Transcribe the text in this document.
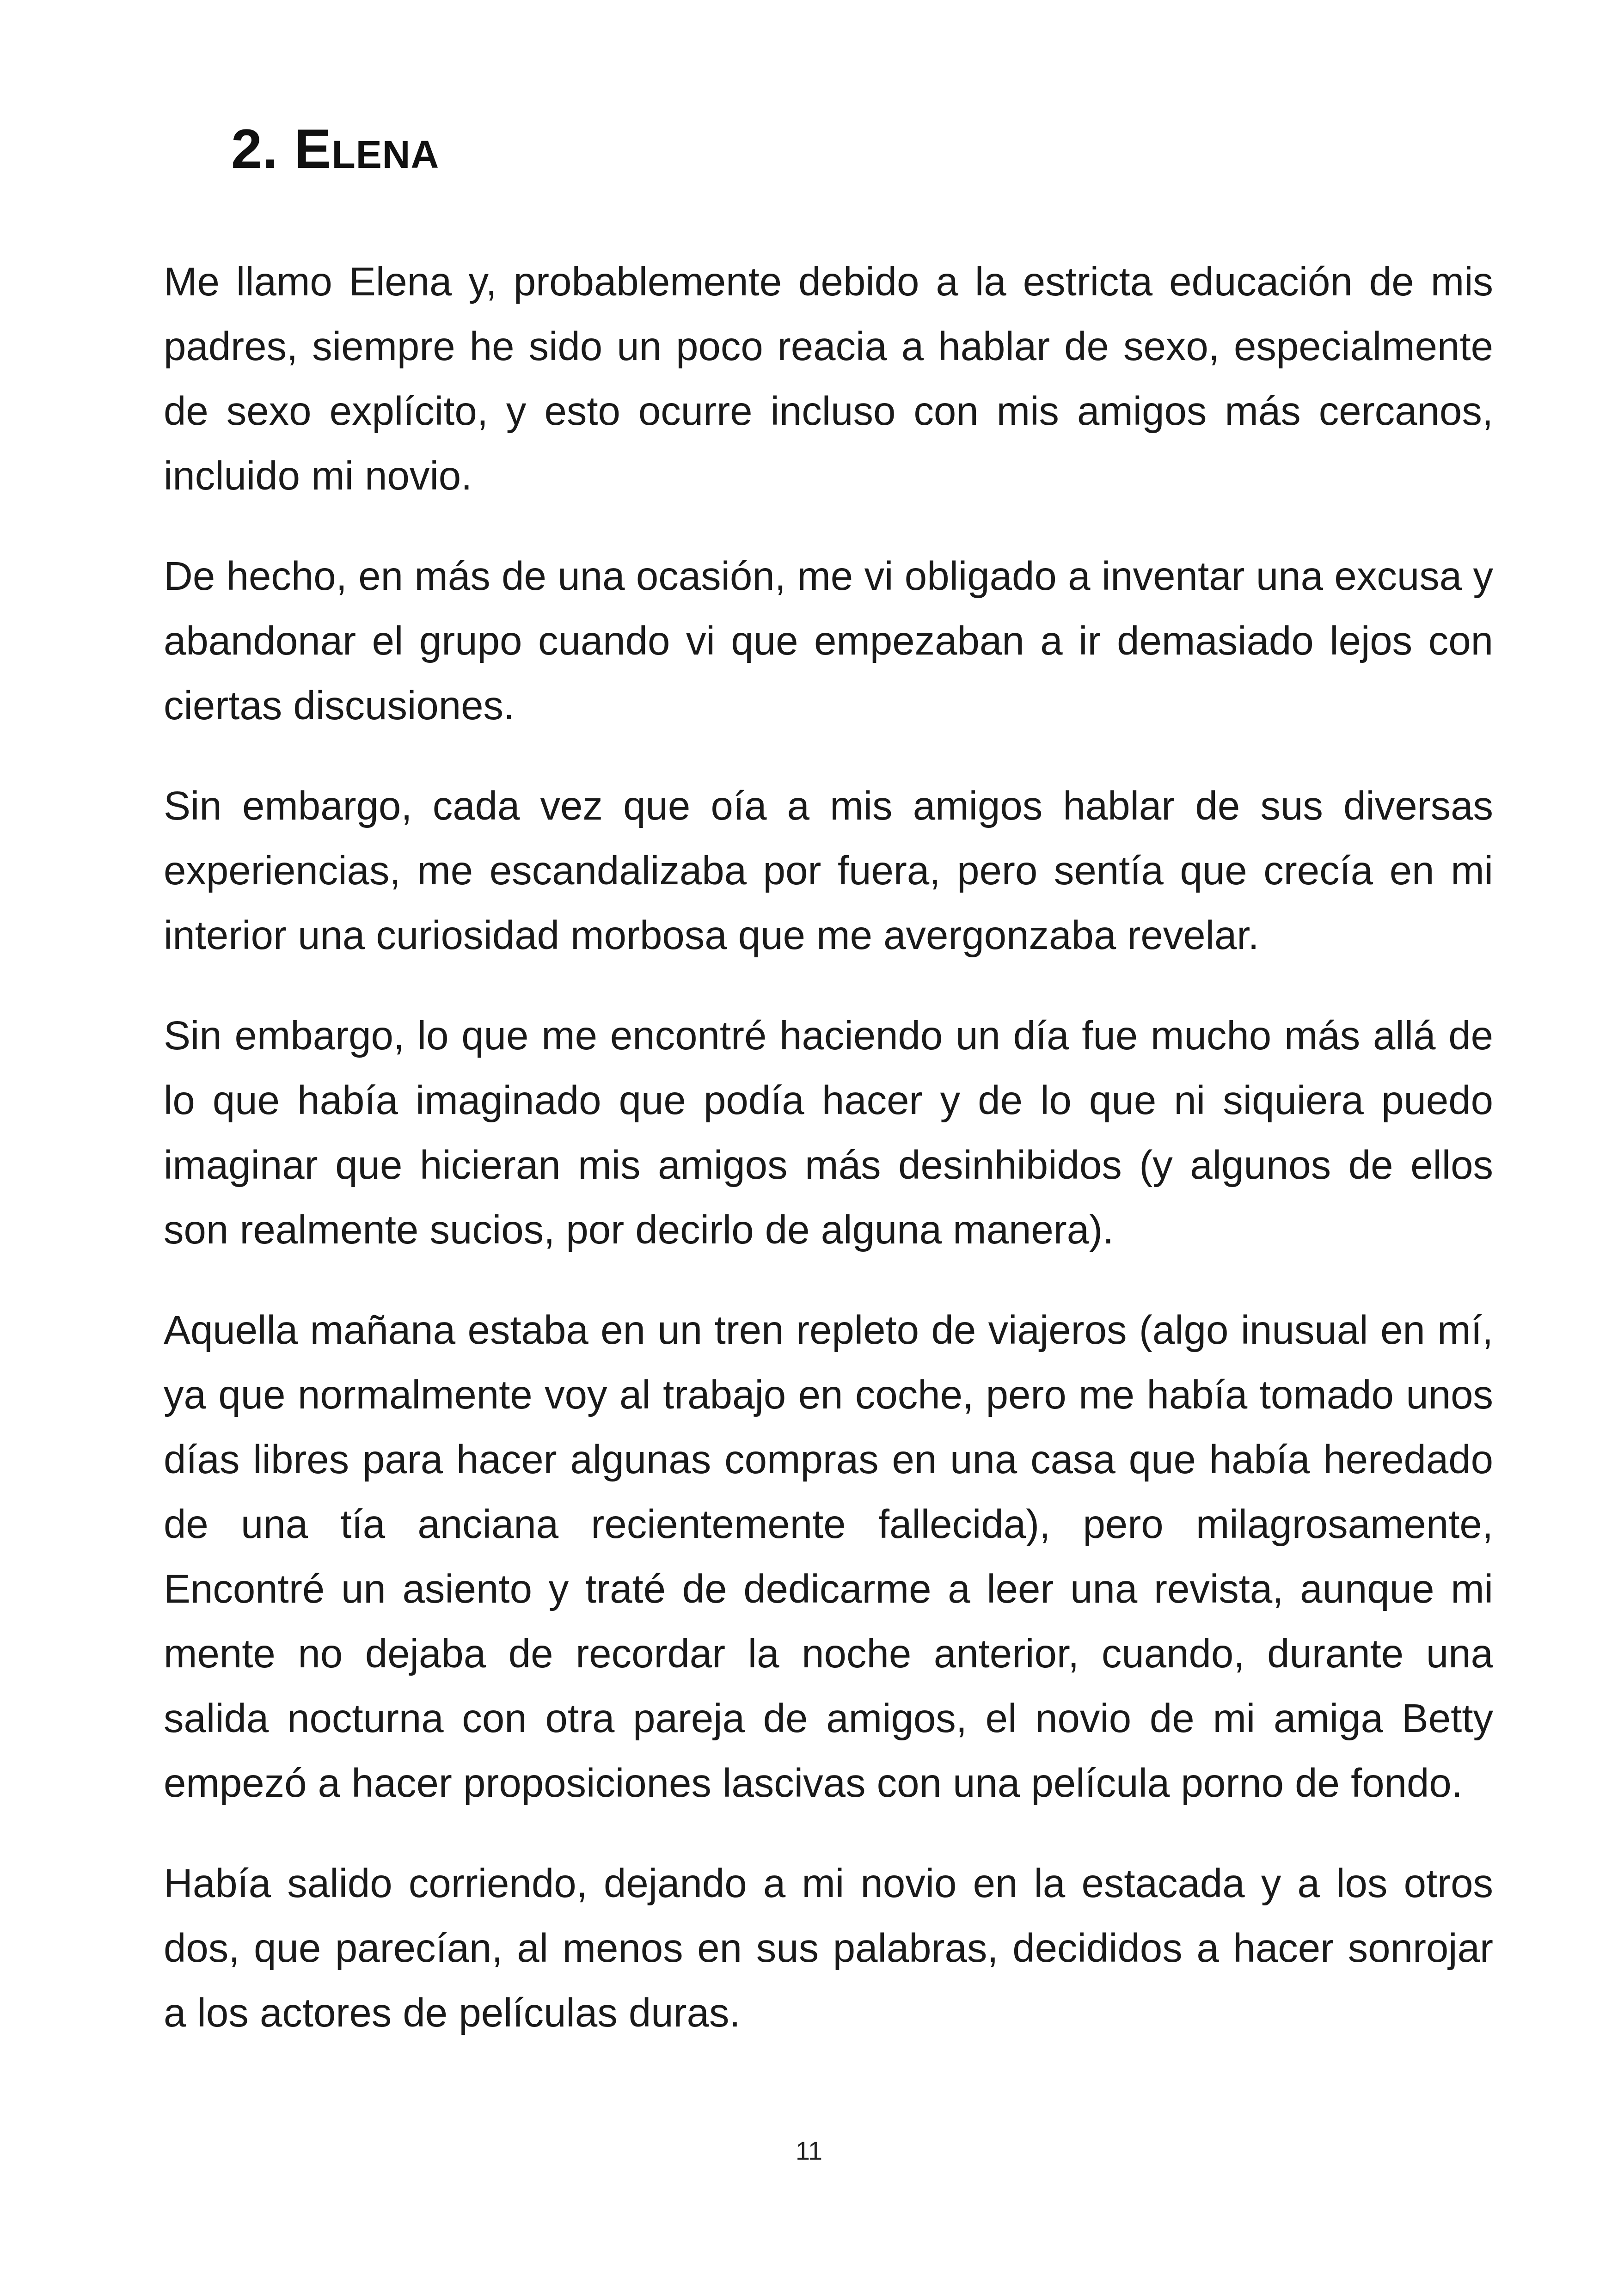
2. Elena

Me llamo Elena y, probablemente debido a la estricta educación de mis padres, siempre he sido un poco reacia a hablar de sexo, especialmente de sexo explícito, y esto ocurre incluso con mis amigos más cercanos, incluido mi novio.

De hecho, en más de una ocasión, me vi obligado a inventar una excusa y abandonar el grupo cuando vi que empezaban a ir demasiado lejos con ciertas discusiones.

Sin embargo, cada vez que oía a mis amigos hablar de sus diversas experiencias, me escandalizaba por fuera, pero sentía que crecía en mi interior una curiosidad morbosa que me avergonzaba revelar.

Sin embargo, lo que me encontré haciendo un día fue mucho más allá de lo que había imaginado que podía hacer y de lo que ni siquiera puedo imaginar que hicieran mis amigos más desinhibidos (y algunos de ellos son realmente sucios, por decirlo de alguna manera).

Aquella mañana estaba en un tren repleto de viajeros (algo inusual en mí, ya que normalmente voy al trabajo en coche, pero me había tomado unos días libres para hacer algunas compras en una casa que había heredado de una tía anciana recientemente fallecida), pero milagrosamente, Encontré un asiento y traté de dedicarme a leer una revista, aunque mi mente no dejaba de recordar la noche anterior, cuando, durante una salida nocturna con otra pareja de amigos, el novio de mi amiga Betty empezó a hacer proposiciones lascivas con una película porno de fondo.

Había salido corriendo, dejando a mi novio en la estacada y a los otros dos, que parecían, al menos en sus palabras, decididos a hacer sonrojar a los actores de películas duras.

11
